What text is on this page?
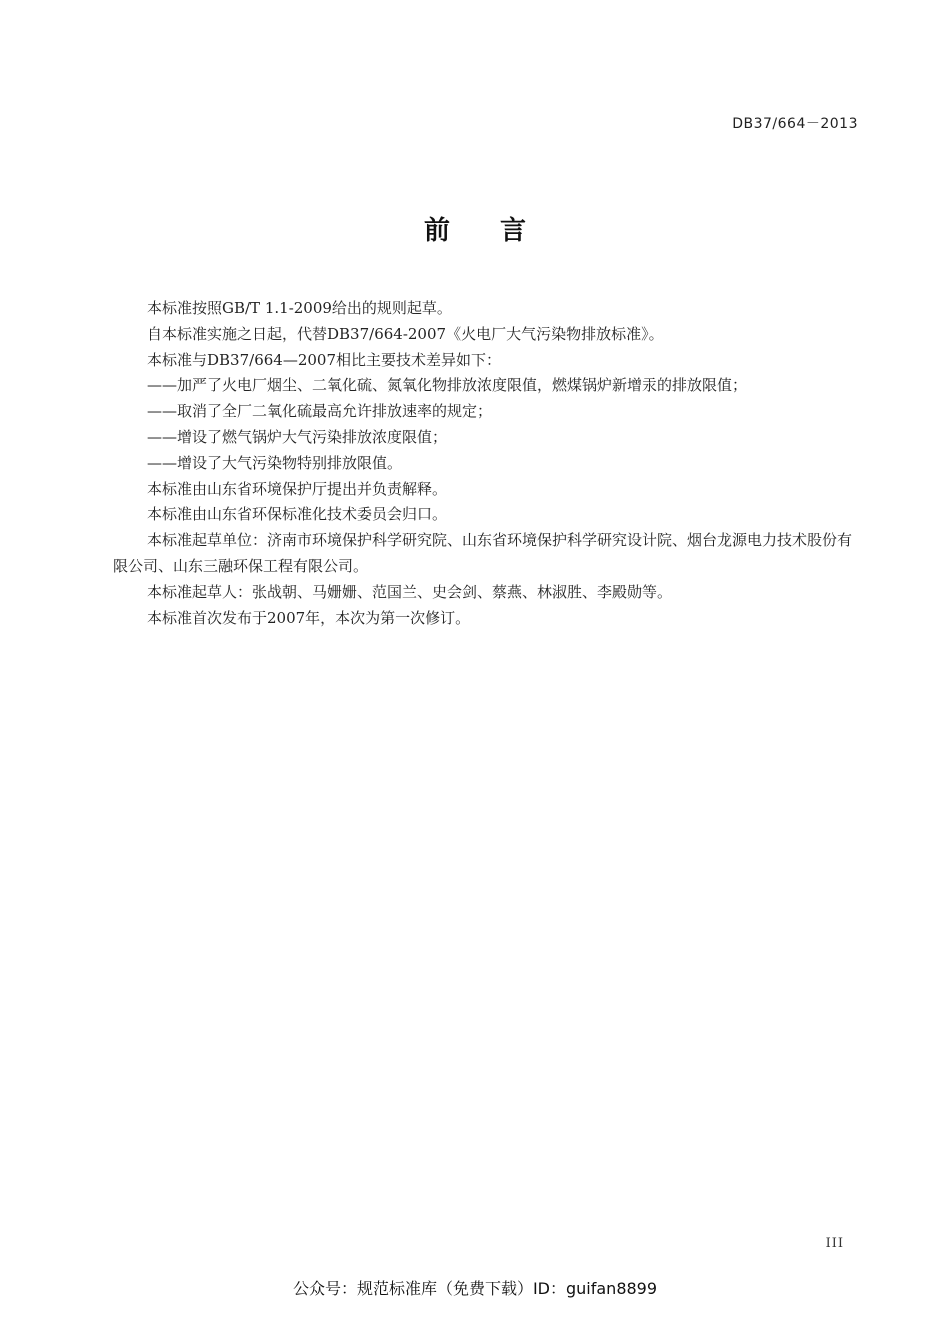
DB37/664－2013
前言

本标准按照GB/T 1.1-2009给出的规则起草。

自本标准实施之日起，代替DB37/664-2007《火电厂大气污染物排放标准》。

本标准与DB37/664—2007相比主要技术差异如下：

——加严了火电厂烟尘、二氧化硫、氮氧化物排放浓度限值，燃煤锅炉新增汞的排放限值；

——取消了全厂二氧化硫最高允许排放速率的规定；

——增设了燃气锅炉大气污染排放浓度限值；

——增设了大气污染物特别排放限值。

本标准由山东省环境保护厅提出并负责解释。

本标准由山东省环保标准化技术委员会归口。

本标准起草单位：济南市环境保护科学研究院、山东省环境保护科学研究设计院、烟台龙源电力技术股份有限公司、山东三融环保工程有限公司。

本标准起草人：张战朝、马姗姗、范国兰、史会剑、蔡燕、林淑胜、李殿勋等。

本标准首次发布于2007年，本次为第一次修订。

III
公众号：规范标准库（免费下载）ID：guifan8899
